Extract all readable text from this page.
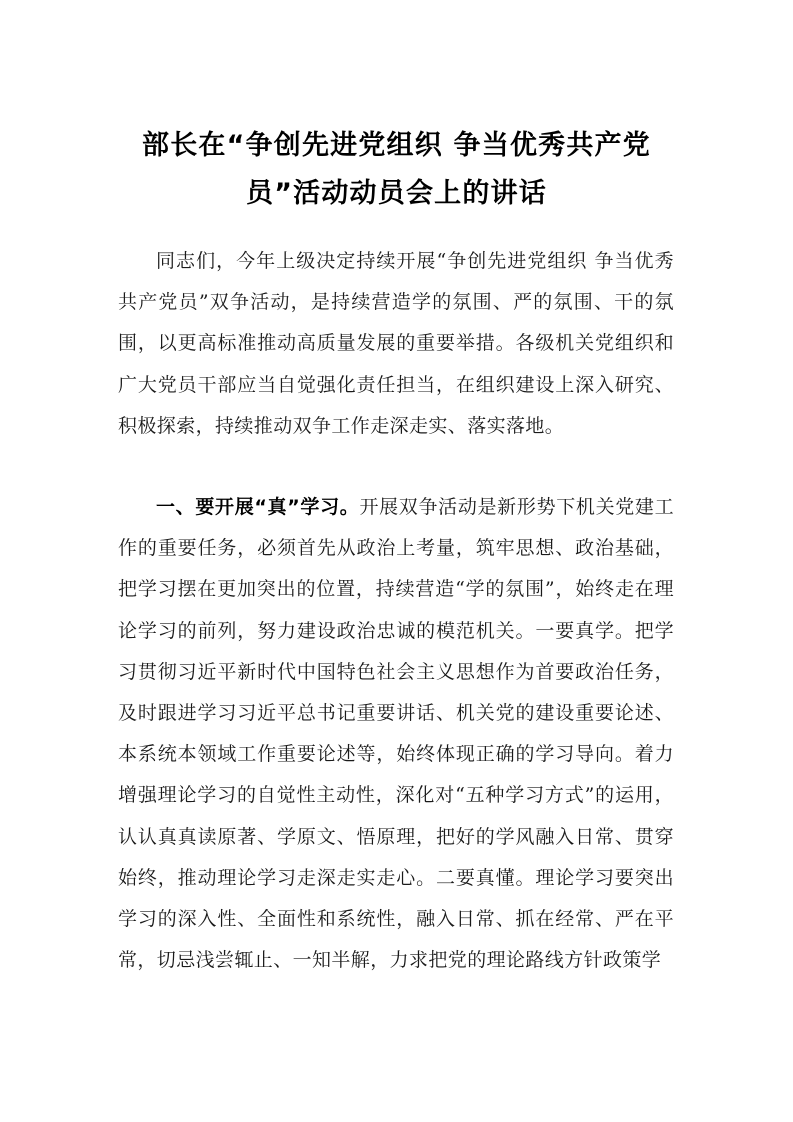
部长在“争创先进党组织 争当优秀共产党员”活动动员会上的讲话

同志们，今年上级决定持续开展“争创先进党组织 争当优秀共产党员”双争活动，是持续营造学的氛围、严的氛围、干的氛围，以更高标准推动高质量发展的重要举措。各级机关党组织和广大党员干部应当自觉强化责任担当，在组织建设上深入研究、积极探索，持续推动双争工作走深走实、落实落地。

一、要开展“真”学习。开展双争活动是新形势下机关党建工作的重要任务，必须首先从政治上考量，筑牢思想、政治基础，把学习摆在更加突出的位置，持续营造“学的氛围”，始终走在理论学习的前列，努力建设政治忠诚的模范机关。一要真学。把学习贯彻习近平新时代中国特色社会主义思想作为首要政治任务，及时跟进学习习近平总书记重要讲话、机关党的建设重要论述、本系统本领域工作重要论述等，始终体现正确的学习导向。着力增强理论学习的自觉性主动性，深化对“五种学习方式”的运用，认认真真读原著、学原文、悟原理，把好的学风融入日常、贯穿始终，推动理论学习走深走实走心。二要真懂。理论学习要突出学习的深入性、全面性和系统性，融入日常、抓在经常、严在平常，切忌浅尝辄止、一知半解，力求把党的理论路线方针政策学
